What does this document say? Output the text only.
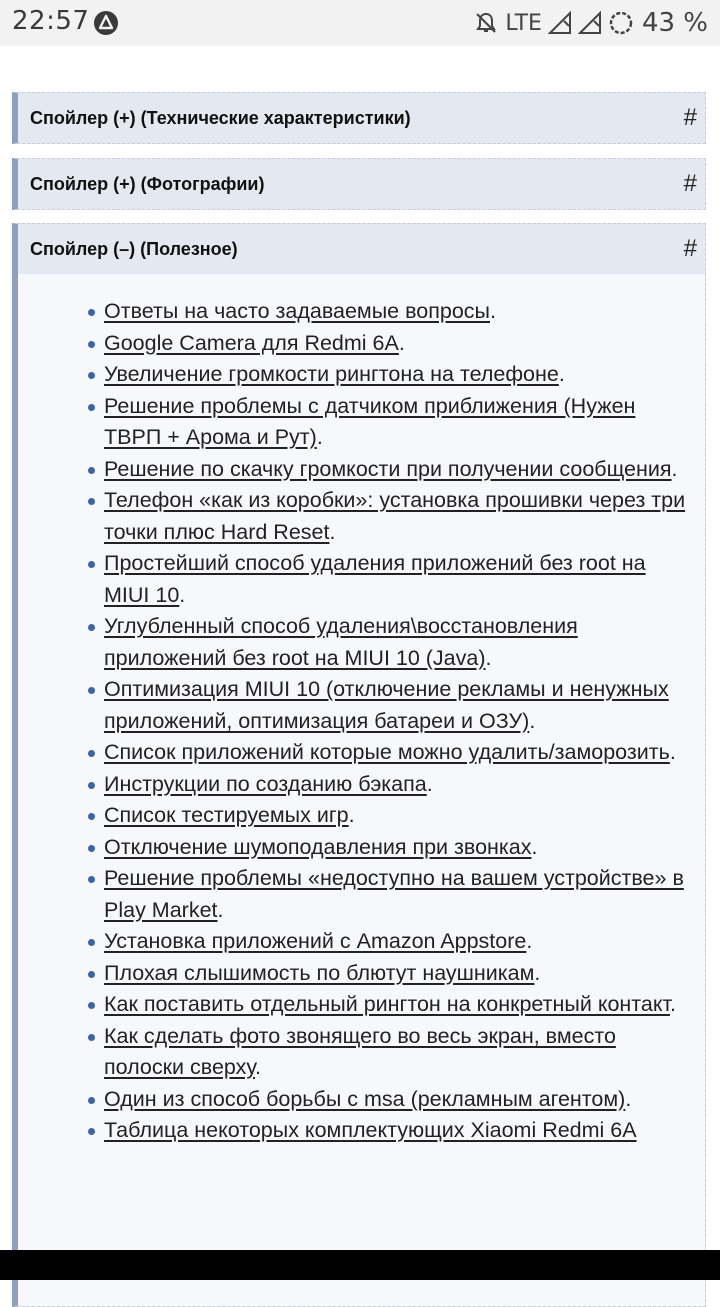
22:57	LTE	43 %
Спойлер (+) (Технические характеристики)	#
Спойлер (+) (Фотографии)	#
Спойлер (–) (Полезное)	#
Ответы на часто задаваемые вопросы.
Google Camera для Redmi 6A.
Увеличение громкости рингтона на телефоне.
Решение проблемы с датчиком приближения (Нужен ТВРП + Арома и Рут).
Решение по скачку громкости при получении сообщения.
Телефон «как из коробки»: установка прошивки через три точки плюс Hard Reset.
Простейший способ удаления приложений без root на MIUI 10.
Углубленный способ удаления\восстановления приложений без root на MIUI 10 (Java).
Оптимизация MIUI 10 (отключение рекламы и ненужных приложений, оптимизация батареи и ОЗУ).
Список приложений которые можно удалить/заморозить.
Инструкции по созданию бэкапа.
Список тестируемых игр.
Отключение шумоподавления при звонках.
Решение проблемы «недоступно на вашем устройстве» в Play Market.
Установка приложений с Amazon Appstore.
Плохая слышимость по блютут наушникам.
Как поставить отдельный рингтон на конкретный контакт.
Как сделать фото звонящего во весь экран, вместо полоски сверху.
Один из способ борьбы с msa (рекламным агентом).
Таблица некоторых комплектующих Xiaomi Redmi 6A
